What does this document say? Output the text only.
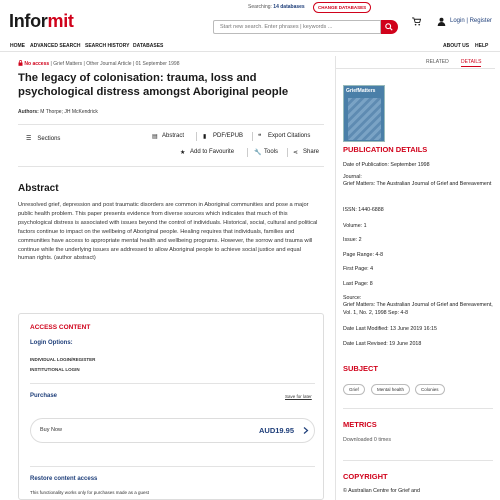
Informit
Searching: 14 databases	CHANGE DATABASES
Start new search. Enter phrases | keywords ...
Login | Register
HOME ADVANCED SEARCH SEARCH HISTORY DATABASES	ABOUT US HELP
No access | Grief Matters | Other Journal Article | 01 September 1998
The legacy of colonisation: trauma, loss and psychological distress amongst Aboriginal people
Authors: M Thorpe; JH McKendrick
☰ Sections	▤ Abstract	▮ PDF/EPUB ❝ Export Citations
★ Add to Favourite	🔧 Tools ⋖ Share
Abstract
Unresolved grief, depression and post traumatic disorders are common in Aboriginal communities and pose a major public health problem. This paper presents evidence from diverse sources which indicates that much of this psychological distress is associated with issues beyond the control of individuals. Historical, social, cultural and political factors continue to impact on the wellbeing of Aboriginal people. Healing requires that individuals, families and communities have access to appropriate mental health and wellbeing programs. However, the sorrow and trauma will continue while the underlying issues are addressed to allow Aboriginal people to achieve social justice and equal human rights. (author abstract)
ACCESS CONTENT
Login Options:
INDIVIDUAL LOGIN/REGISTER
INSTITUTIONAL LOGIN
Purchase	Save for later
Buy Now	AUD19.95
Restore content access
This functionality works only for purchases made as a guest
RELATED DETAILS
GriefMatters
PUBLICATION DETAILS
Date of Publication: September 1998
Journal:
Grief Matters: The Australian Journal of Grief and Bereavement
ISSN: 1440-6888
Volume: 1
Issue: 2
Page Range: 4-8
First Page: 4
Last Page: 8
Source:
Grief Matters: The Australian Journal of Grief and Bereavement, Vol. 1, No. 2, 1998 Sep: 4-8
Date Last Modified: 13 June 2019 16:15
Date Last Revised: 19 June 2018
SUBJECT
Grief	Mental health	Colonies
METRICS
Downloaded 0 times
COPYRIGHT
© Australian Centre for Grief and
